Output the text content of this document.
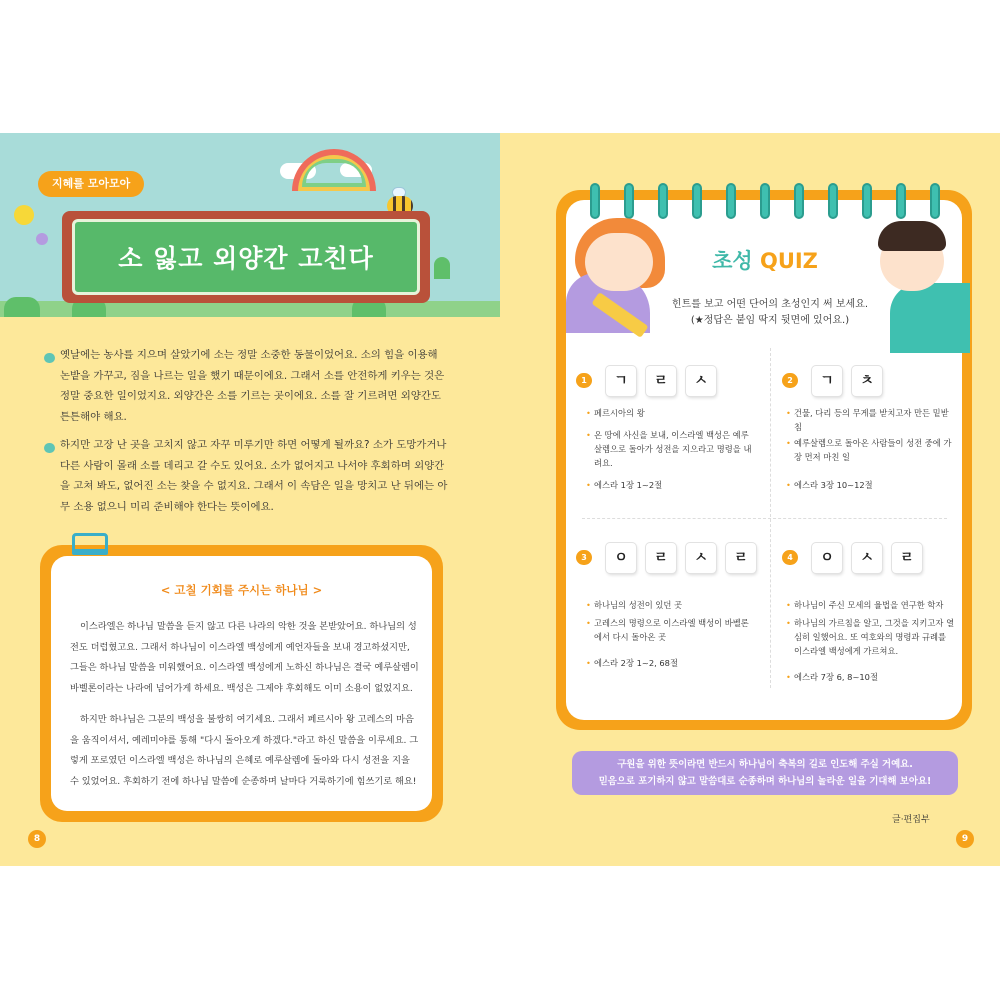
지혜를 모아모아
소 잃고 외양간 고친다
옛날에는 농사를 지으며 살았기에 소는 정말 소중한 동물이었어요. 소의 힘을 이용해
논밭을 가꾸고, 짐을 나르는 일을 했기 때문이에요. 그래서 소를 안전하게 키우는 것은
정말 중요한 일이었지요. 외양간은 소를 기르는 곳이에요. 소를 잘 기르려면 외양간도
튼튼해야 해요.
하지만 고장 난 곳을 고치지 않고 자꾸 미루기만 하면 어떻게 될까요? 소가 도망가거나
다른 사람이 몰래 소를 데리고 갈 수도 있어요. 소가 없어지고 나서야 후회하며 외양간
을 고쳐 봐도, 없어진 소는 찾을 수 없지요. 그래서 이 속담은 일을 망치고 난 뒤에는 아
무 소용 없으니 미리 준비해야 한다는 뜻이에요.
< 고칠 기회를 주시는 하나님 >
이스라엘은 하나님 말씀을 듣지 않고 다른 나라의 악한 것을 본받았어요. 하나님의 성
전도 더럽혔고요. 그래서 하나님이 이스라엘 백성에게 예언자들을 보내 경고하셨지만,
그들은 하나님 말씀을 미워했어요. 이스라엘 백성에게 노하신 하나님은 결국 예루살렘이
바벨론이라는 나라에 넘어가게 하세요. 백성은 그제야 후회해도 이미 소용이 없었지요.
하지만 하나님은 그분의 백성을 불쌍히 여기세요. 그래서 페르시아 왕 고레스의 마음
을 움직이셔서, 예레미야를 통해 "다시 돌아오게 하겠다."라고 하신 말씀을 이루세요. 그
렇게 포로였던 이스라엘 백성은 하나님의 은혜로 예루살렘에 돌아와 다시 성전을 지을
수 있었어요. 후회하기 전에 하나님 말씀에 순종하며 날마다 거룩하기에 힘쓰기로 해요!
8
초성 QUIZ
힌트를 보고 어떤 단어의 초성인지 써 보세요.
(★정답은 붙임 딱지 뒷면에 있어요.)
1	ㄱ	ㄹ	ㅅ
• 페르시아의 왕
• 온 땅에 사신을 보내, 이스라엘 백성은 예루살렘으로 돌아가 성전을 지으라고 명령을 내려요.
• 에스라 1장 1~2절
2	ㄱ	ㅊ
• 건물, 다리 등의 무게를 받치고자 만든 밑받침
• 예루살렘으로 돌아온 사람들이 성전 중에 가장 먼저 마친 일
• 에스라 3장 10~12절
3	ㅇ	ㄹ	ㅅ	ㄹ
• 하나님의 성전이 있던 곳
• 고레스의 명령으로 이스라엘 백성이 바벨론에서 다시 돌아온 곳
• 에스라 2장 1~2, 68절
4	ㅇ	ㅅ	ㄹ
• 하나님이 주신 모세의 율법을 연구한 학자
• 하나님의 가르침을 알고, 그것을 지키고자 열심히 일했어요. 또 여호와의 명령과 규례를 이스라엘 백성에게 가르쳐요.
• 에스라 7장 6, 8~10절
구원을 위한 뜻이라면 반드시 하나님이 축복의 길로 인도해 주실 거예요.
믿음으로 포기하지 않고 말씀대로 순종하며 하나님의 놀라운 일을 기대해 보아요!
글·편집부
9
